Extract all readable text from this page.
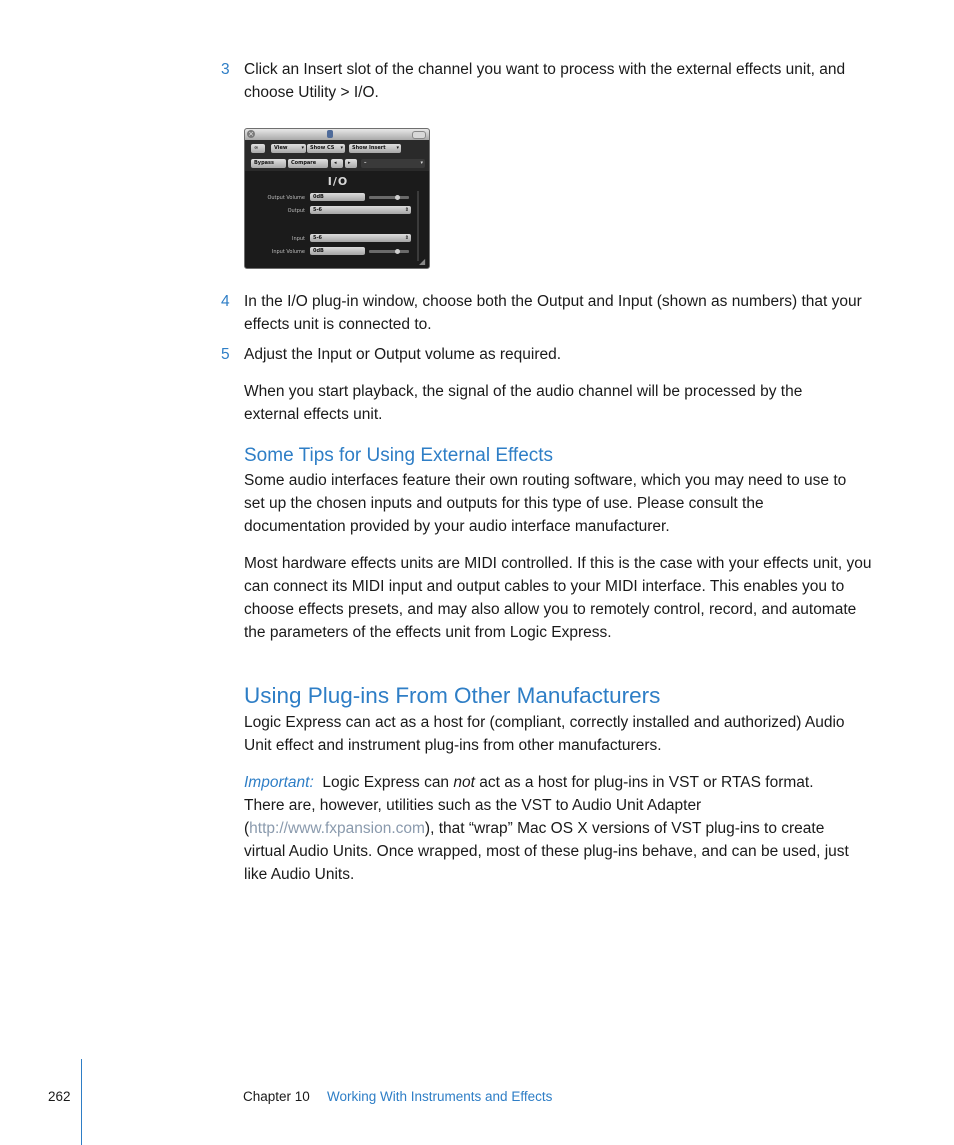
3 Click an Insert slot of the channel you want to process with the external effects unit, and choose Utility > I/O.
×
∞	View	▾	Show CS ▾	Show Insert ▾
Bypass	Compare	◂	▸	–	▾
I/O
Output Volume	0dB
Output	5-6	⇕
Input	5-6	⇕
Input Volume	0dB
◢
4 In the I/O plug-in window, choose both the Output and Input (shown as numbers) that your effects unit is connected to.
5 Adjust the Input or Output volume as required.
When you start playback, the signal of the audio channel will be processed by the external effects unit.
Some Tips for Using External Effects
Some audio interfaces feature their own routing software, which you may need to use to set up the chosen inputs and outputs for this type of use. Please consult the documentation provided by your audio interface manufacturer.
Most hardware effects units are MIDI controlled. If this is the case with your effects unit, you can connect its MIDI input and output cables to your MIDI interface. This enables you to choose effects presets, and may also allow you to remotely control, record, and automate the parameters of the effects unit from Logic Express.
Using Plug-ins From Other Manufacturers
Logic Express can act as a host for (compliant, correctly installed and authorized) Audio Unit effect and instrument plug-ins from other manufacturers.
Important: Logic Express can not act as a host for plug-ins in VST or RTAS format. There are, however, utilities such as the VST to Audio Unit Adapter (http://www.fxpansion.com), that “wrap” Mac OS X versions of VST plug-ins to create virtual Audio Units. Once wrapped, most of these plug-ins behave, and can be used, just like Audio Units.
262	Chapter 10 Working With Instruments and Effects
